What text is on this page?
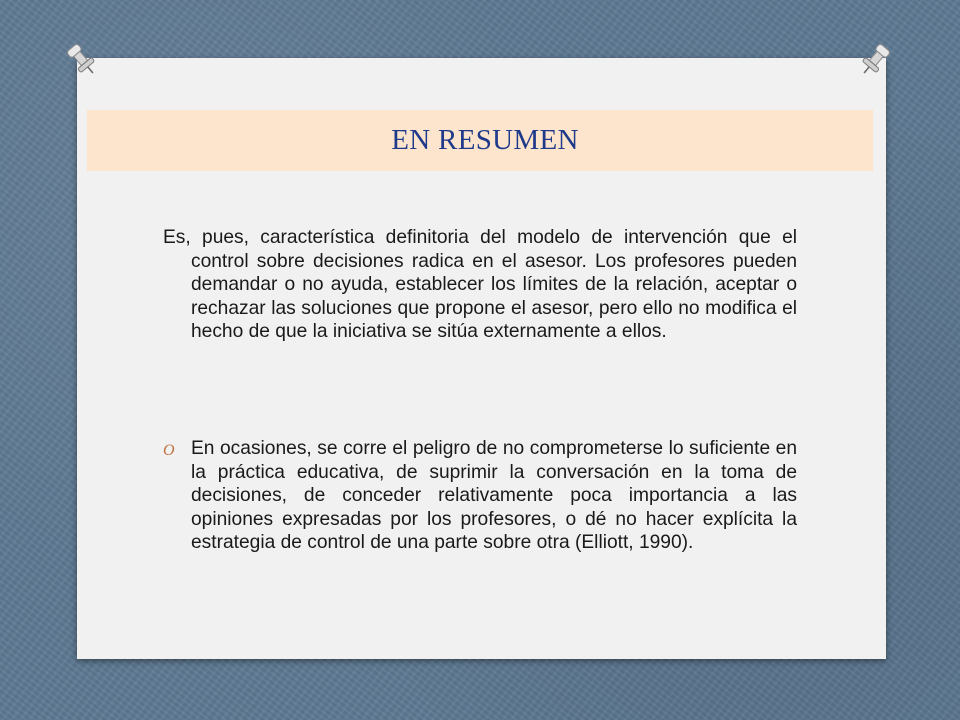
EN RESUMEN

Es, pues, característica definitoria del modelo de intervención que el control sobre decisiones radica en el asesor. Los profesores pueden demandar o no ayuda, establecer los límites de la relación, aceptar o rechazar las soluciones que propone el asesor, pero ello no modifica el hecho de que la iniciativa se sitúa externamente a ellos.

O En ocasiones, se corre el peligro de no comprometerse lo suficiente en la práctica educativa, de suprimir la conversación en la toma de decisiones, de conceder relativamente poca importancia a las opiniones expresadas por los profesores, o dé no hacer explícita la estrategia de control de una parte sobre otra (Elliott, 1990).
